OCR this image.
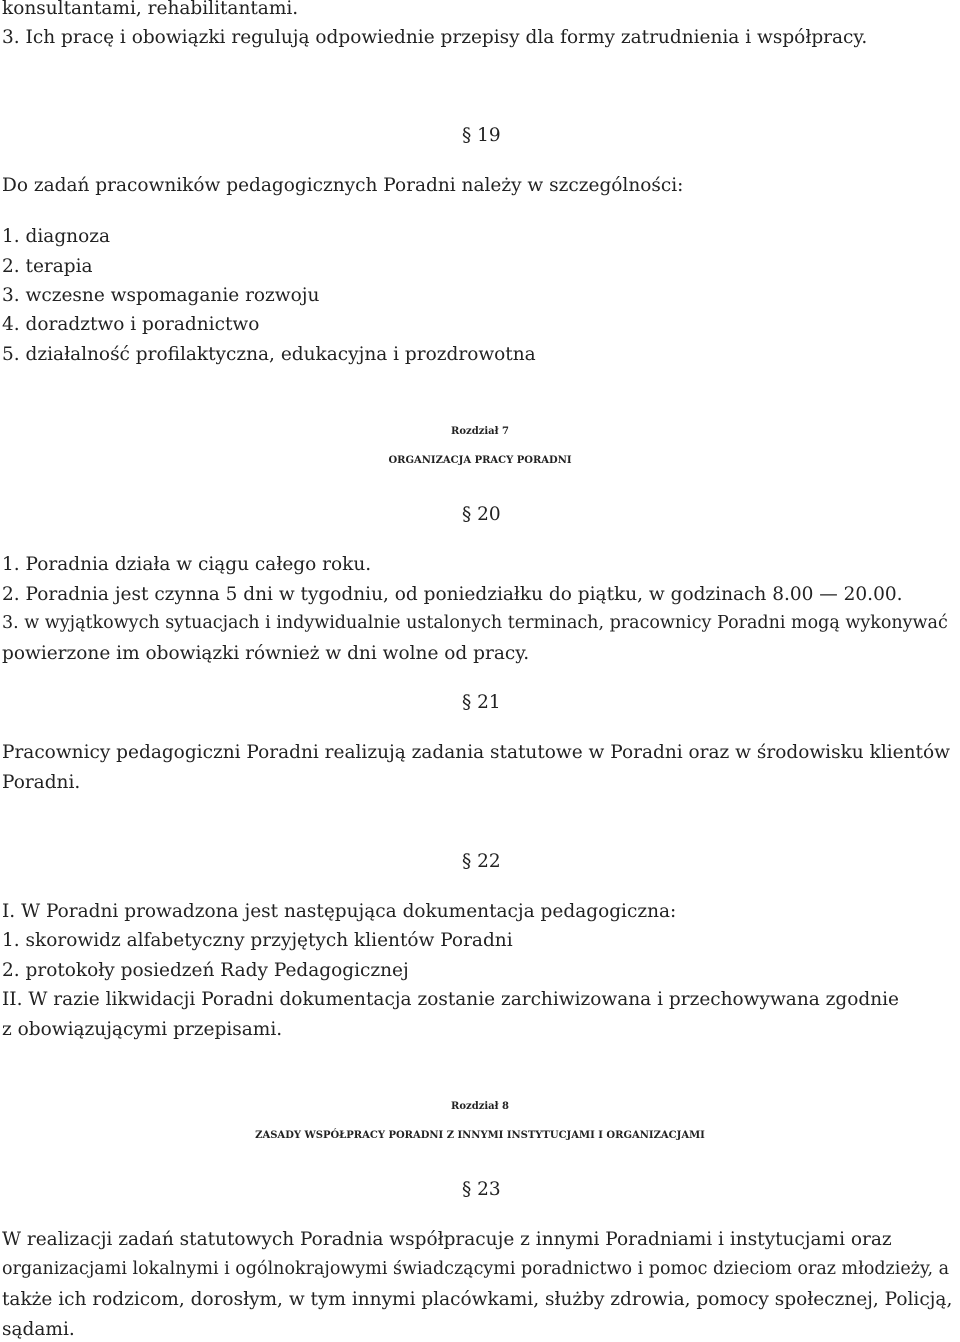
konsultantami, rehabilitantami.
3. Ich pracę i obowiązki regulują odpowiednie przepisy dla formy zatrudnienia i współpracy.
§ 19
Do zadań pracowników pedagogicznych Poradni należy w szczególności:
1. diagnoza
2. terapia
3. wczesne wspomaganie rozwoju
4. doradztwo i poradnictwo
5. działalność profilaktyczna, edukacyjna i prozdrowotna
Rozdział 7
ORGANIZACJA PRACY PORADNI
§ 20
1. Poradnia działa w ciągu całego roku.
2. Poradnia jest czynna 5 dni w tygodniu, od poniedziałku do piątku, w godzinach 8.00 — 20.00.
3. w wyjątkowych sytuacjach i indywidualnie ustalonych terminach, pracownicy Poradni mogą wykonywać
powierzone im obowiązki również w dni wolne od pracy.
§ 21
Pracownicy pedagogiczni Poradni realizują zadania statutowe w Poradni oraz w środowisku klientów
Poradni.
§ 22
I. W Poradni prowadzona jest następująca dokumentacja pedagogiczna:
1. skorowidz alfabetyczny przyjętych klientów Poradni
2. protokoły posiedzeń Rady Pedagogicznej
II. W razie likwidacji Poradni dokumentacja zostanie zarchiwizowana i przechowywana zgodnie
z obowiązującymi przepisami.
Rozdział 8
ZASADY WSPÓŁPRACY PORADNI Z INNYMI INSTYTUCJAMI I ORGANIZACJAMI
§ 23
W realizacji zadań statutowych Poradnia współpracuje z innymi Poradniami i instytucjami oraz
organizacjami lokalnymi i ogólnokrajowymi świadczącymi poradnictwo i pomoc dzieciom oraz młodzieży, a
także ich rodzicom, dorosłym, w tym innymi placówkami, służby zdrowia, pomocy społecznej, Policją,
sądami.
